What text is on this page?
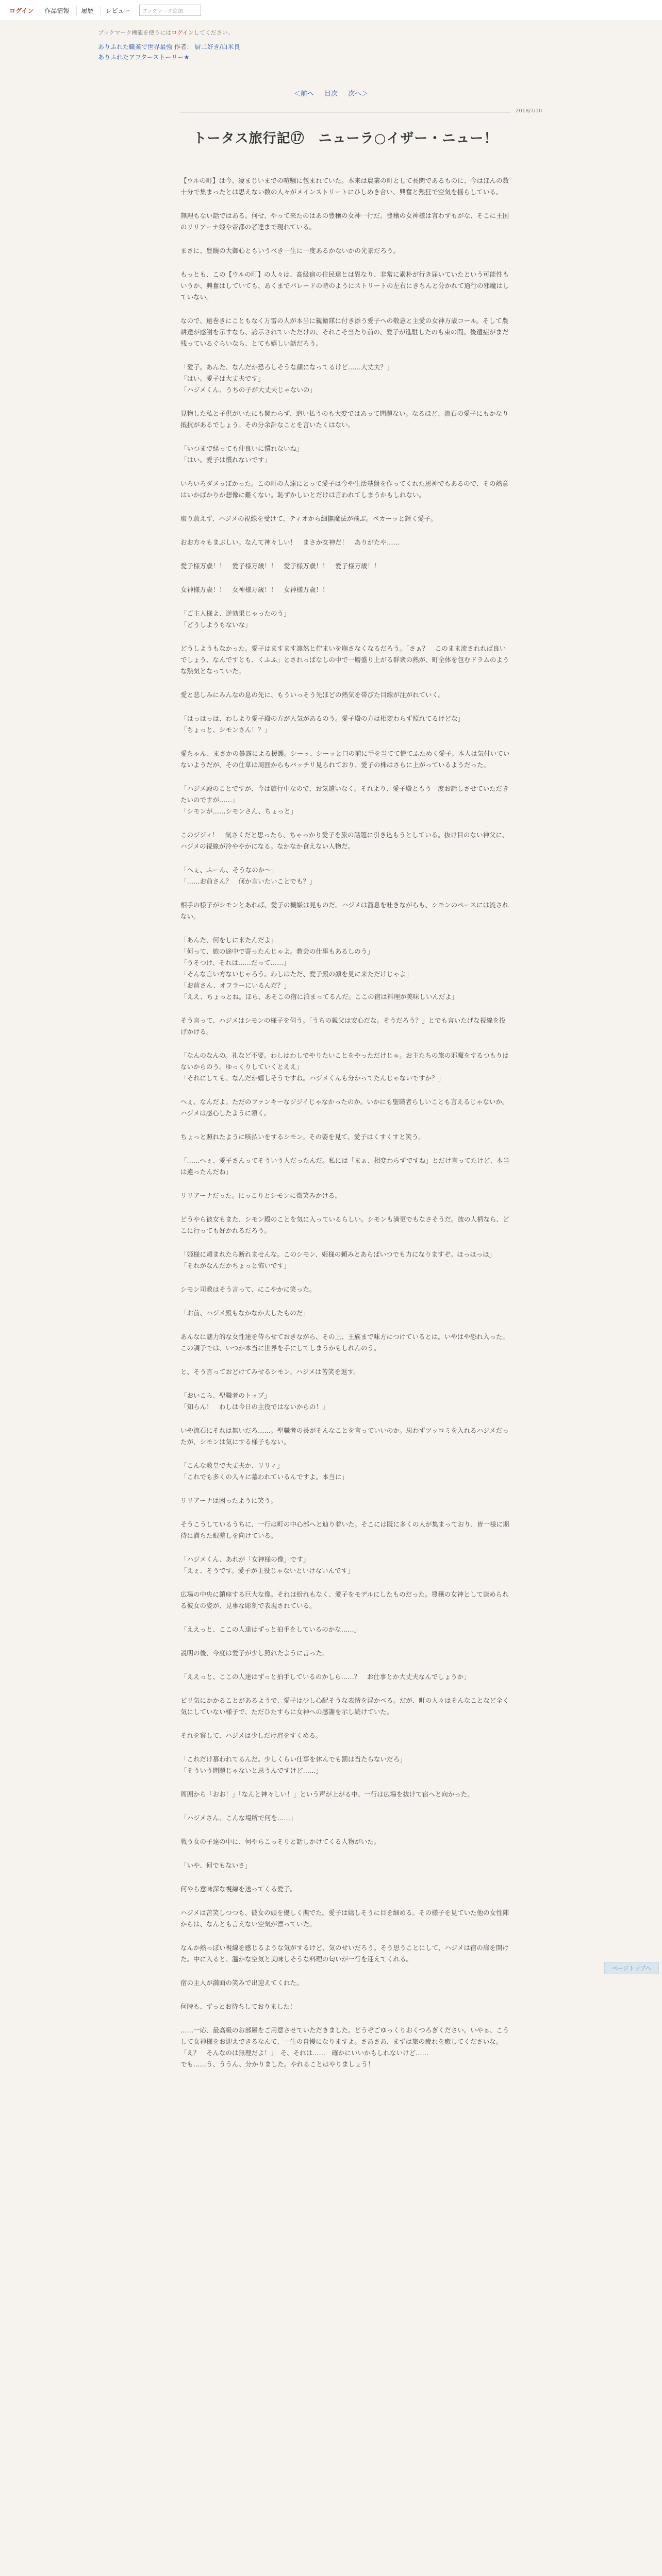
ログイン	作品情報	履歴	レビュー	ブックマーク追加
ブックマーク機能を使うにはログインしてください。
ありふれた職業で世界最強 作者： 厨二好き/白米良
ありふれたアフターストーリー★
＜前へ 目次 次へ＞
2018/7/10
トータス旅行記⑰　ニューラ○イザー・ニュー！

【ウルの町】は今、凄まじいまでの喧騒に包まれていた。本来は農業の町として長閑であるものに、今はほんの数十分で集まったとは思えない数の人々がメインストリートにひしめき合い、興奮と熱狂で空気を揺らしている。

無理もない話ではある。何せ、やって来たのはあの豊穣の女神一行だ。豊穣の女神様は言わずもがな、そこに王国のリリアーナ姫や帝都の者達まで現れている。

まさに、豊饒の大御心ともいうべき一生に一度あるかないかの光景だろう。

もっとも、この【ウルの町】の人々は、高級宿の住民達とは異なり、非常に素朴が行き届いていたという可能性もいうか、興奮はしていても、あくまでパレードの時のようにストリートの左右にきちんと分かれて通行の邪魔はしていない。

なので、遠巻きにこともなく万雷の人が本当に親衛隊に付き添う愛子への敬意と主愛の女神万歳コール。そして農耕達が感謝を示すなら、誇示されていただけの、それこそ当たり前の、愛子が進駐したのも束の間。後遺症がまだ残っているぐらいなら、とても嬉しい話だろう。

「愛子。あんた、なんだか恐ろしそうな顔になってるけど……大丈夫？」
「はい。愛子は大丈夫です」
「ハジメくん、うちの子が大丈夫じゃないの」

見物した私と子供がいたにも関わらず、追い払うのも大変ではあって問題ない。なるほど、流石の愛子にもかなり抵抗があるでしょう。その分余計なことを言いたくはない。

「いつまで経っても仲良いに慣れないね」
「はい。愛子は慣れないです」

いろいろダメっぽかった。この町の人達にとって愛子は今や生活基盤を作ってくれた恩神でもあるので、その熱意はいかばかりか想像に難くない。恥ずかしいとだけは言われてしまうかもしれない。

取り敢えず、ハジメの視線を受けて、ティオから細撫魔法が飛ぶ。ペカーッと輝く愛子。

おお方々もまぶしい。なんて神々しい！　まさか女神だ！　ありがたや……

愛子様万歳！！　愛子様万歳！！　愛子様万歳！！　愛子様万歳！！

女神様万歳！！　女神様万歳！！　女神様万歳！！

「ご主人様よ、逆効果じゃったのう」
「どうしようもないな」

どうしようもなかった。愛子はますます凛然と佇まいを崩さなくなるだろう。「さぁ？　このまま流されれば良いでしょう、なんですとも、くふふ」とされっぱなしの中で一層盛り上がる群衆の熱が、町全体を包むドラムのような熱気となっていた。

愛と悲しみにみんなの息の先に、もういっそう先ほどの熱気を帯びた目線が注がれていく。

「はっはっは、わしより愛子殿の方が人気があるのう。愛子殿の方は相変わらず照れてるけどな」
「ちょっと、シモンさん！？」

愛ちゃん、まさかの暴露による援護。シーッ、シーッと口の前に手を当てて慌てふためく愛子。本人は気付いていないようだが、その仕草は周囲からもバッチリ見られており、愛子の株はさらに上がっているようだった。

「ハジメ殿のことですが、今は旅行中なので、お気遣いなく。それより、愛子殿ともう一度お話しさせていただきたいのですが……」
「シモンが……シモンさん、ちょっと」

このジジィ！　気さくだと思ったら、ちゃっかり愛子を旅の話題に引き込もうとしている。抜け目のない神父に、ハジメの視線が冷ややかになる。なかなか食えない人物だ。

「へぇ、ふーん、そうなのか～」
「……お前さん？　何か言いたいことでも？」

相手の様子がシモンとあれば、愛子の機嫌は見ものだ。ハジメは溜息を吐きながらも、シモンのペースには流されない。

「あんた、何をしに来たんだよ」
「何って、旅の途中で寄ったんじゃよ。教会の仕事もあるしのう」
「うそつけ、それは……だって……」
「そんな言い方ないじゃろう。わしはただ、愛子殿の顔を見に来ただけじゃよ」
「お前さん、オフラーにいるんだ？」
「ええ、ちょっとね。ほら、あそこの宿に泊まってるんだ。ここの宿は料理が美味しいんだよ」

そう言って、ハジメはシモンの様子を伺う。「うちの親父は安心だな。そうだろう？」とでも言いたげな視線を投げかける。

「なんのなんの。礼など不要。わしはわしでやりたいことをやっただけじゃ。お主たちの旅の邪魔をするつもりはないからのう。ゆっくりしていくとええ」
「それにしても、なんだか嬉しそうですね。ハジメくんも分かってたんじゃないですか？」

へぇ、なんだよ。ただのファンキーなジジイじゃなかったのか。いかにも聖職者らしいことも言えるじゃないか。ハジメは感心したように頷く。

ちょっと照れたように咳払いをするシモン。その姿を見て、愛子はくすくすと笑う。

「……へぇ、愛子さんってそういう人だったんだ。私には「まぁ、相変わらずですね」とだけ言ってたけど、本当は違ったんだね」

リリアーナだった。にっこりとシモンに微笑みかける。

どうやら彼女もまた、シモン殿のことを気に入っているらしい。シモンも満更でもなさそうだ。彼の人柄なら、どこに行っても好かれるだろう。

「姫様に頼まれたら断れませんな。このシモン、姫様の頼みとあらばいつでも力になりますぞ。ほっほっほ」
「それがなんだかちょっと怖いです」

シモン司教はそう言って、にこやかに笑った。

「お前、ハジメ殿もなかなか大したものだ」

あんなに魅力的な女性達を侍らせておきながら、その上、王族まで味方につけているとは。いやはや恐れ入った。この調子では、いつか本当に世界を手にしてしまうかもしれんのう。

と、そう言っておどけてみせるシモン。ハジメは苦笑を返す。

「おいこら、聖職者のトップ」
「知らん！　わしは今日の主役ではないからの！」

いや流石にそれは無いだろ……。聖職者の長がそんなことを言っていいのか。思わずツッコミを入れるハジメだったが、シモンは気にする様子もない。

「こんな教皇で大丈夫か、リリィ」
「これでも多くの人々に慕われているんですよ。本当に」

リリアーナは困ったように笑う。

そうこうしているうちに、一行は町の中心部へと辿り着いた。そこには既に多くの人が集まっており、皆一様に期待に満ちた眼差しを向けている。

「ハジメくん、あれが「女神様の像」です」
「えぇ、そうです。愛子が主役じゃないといけないんです」

広場の中央に鎮座する巨大な像。それは紛れもなく、愛子をモデルにしたものだった。豊穣の女神として崇められる彼女の姿が、見事な彫刻で表現されている。

「ええっと、ここの人達はずっと拍手をしているのかな……」

説明の後、今度は愛子が少し照れたように言った。

「ええっと、ここの人達はずっと拍手しているのかしら……？　お仕事とか大丈夫なんでしょうか」

ピリ気にかかることがあるようで、愛子は少し心配そうな表情を浮かべる。だが、町の人々はそんなことなど全く気にしていない様子で、ただひたすらに女神への感謝を示し続けていた。

それを察して、ハジメは少しだけ肩をすくめる。

「これだけ慕われてるんだ。少しくらい仕事を休んでも罰は当たらないだろ」
「そういう問題じゃないと思うんですけど……」

周囲から「おお！」「なんと神々しい！」という声が上がる中、一行は広場を抜けて宿へと向かった。

「ハジメさん、こんな場所で何を……」

戦う女の子達の中に、何やらこっそりと話しかけてくる人物がいた。

「いや、何でもないさ」

何やら意味深な視線を送ってくる愛子。

ハジメは苦笑しつつも、彼女の頭を優しく撫でた。愛子は嬉しそうに目を細める。その様子を見ていた他の女性陣からは、なんとも言えない空気が漂っていた。

なんか熱っぽい視線を感じるような気がするけど、気のせいだろう。そう思うことにして、ハジメは宿の扉を開けた。中に入ると、温かな空気と美味しそうな料理の匂いが一行を迎えてくれる。

宿の主人が満面の笑みで出迎えてくれた。

何時も、ずっとお待ちしておりました！

……一応、最高級のお部屋をご用意させていただきました。どうぞごゆっくりおくつろぎください。いやぁ、こうして女神様をお迎えできるなんて、一生の自慢になりますよ。さあさあ、まずは旅の疲れを癒してくださいな。
「え？　そんなのは無理だよ！」　そ、それは……　確かにいいかもしれないけど……
でも……う、ううん、分かりました。やれることはやりましょう！

ページトップへ
